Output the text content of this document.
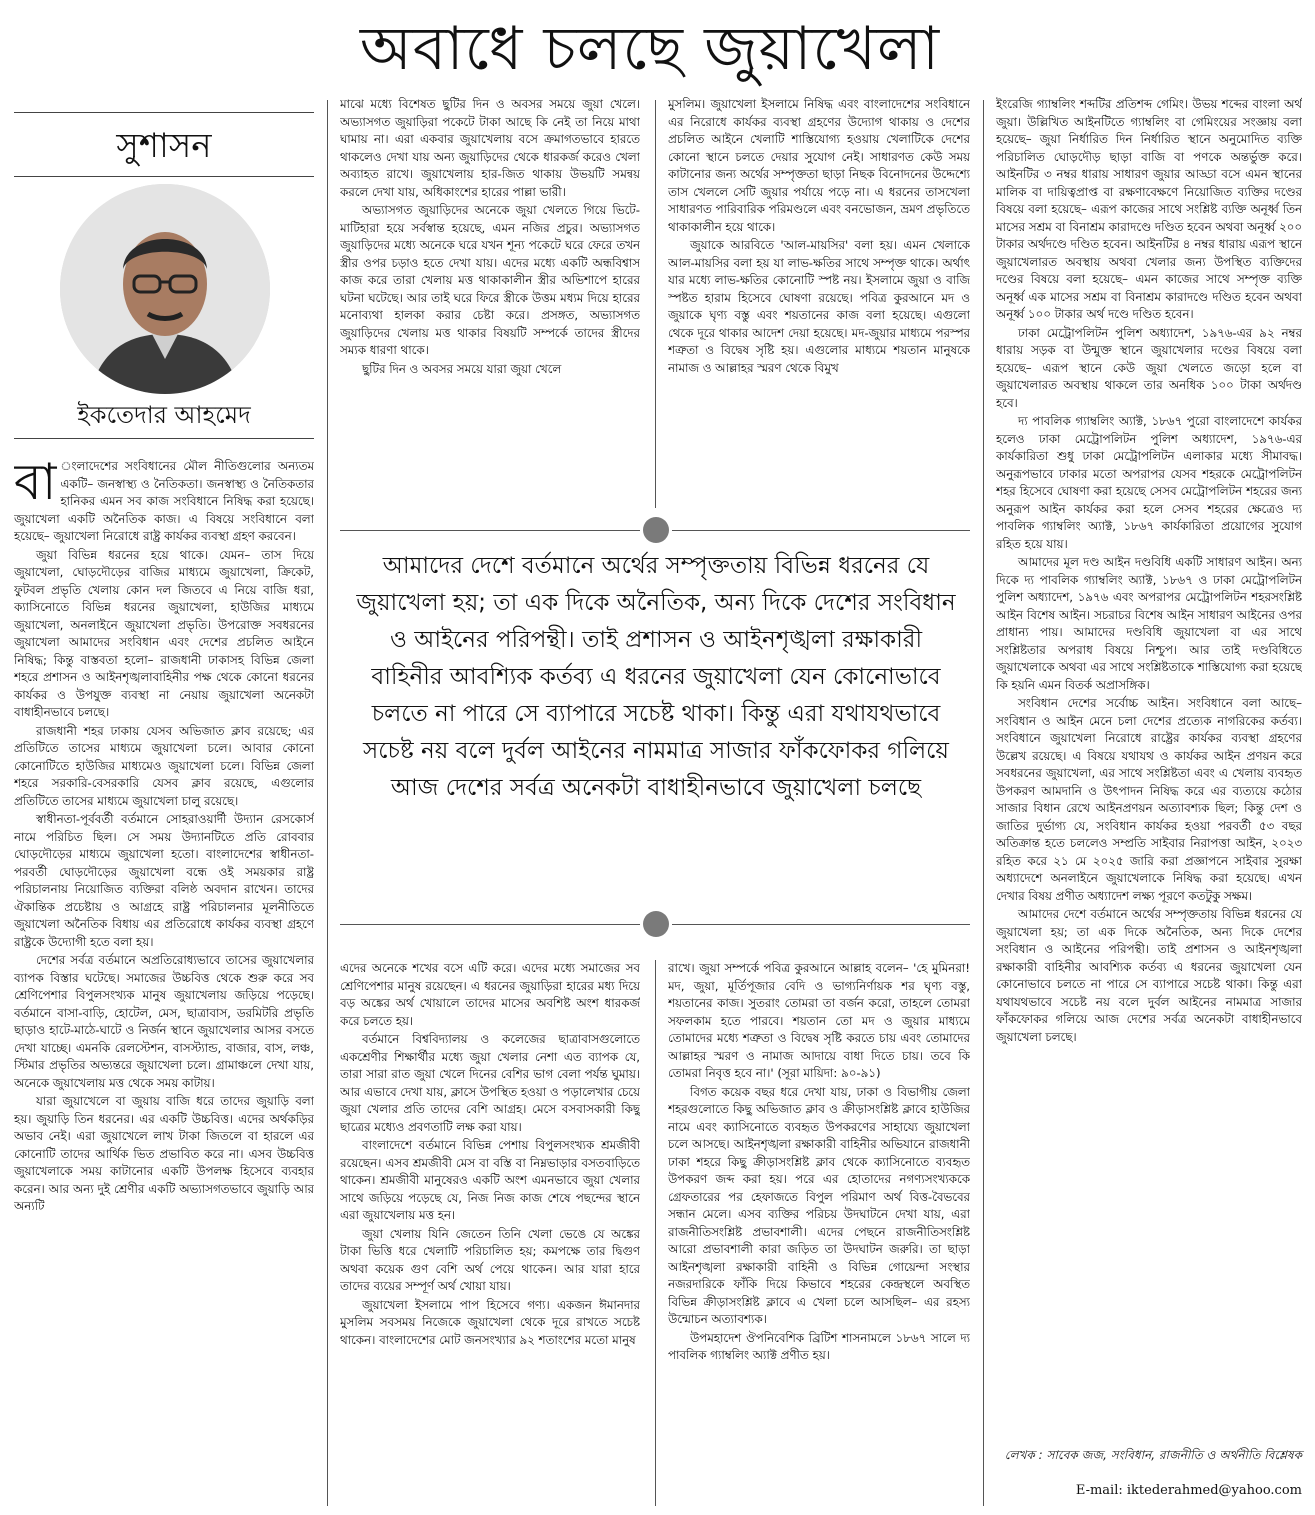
অবাধে চলছে জুয়াখেলা
সুশাসন
ইকতেদার আহমেদ

বা ংলাদেশের সংবিধানের মৌল নীতিগুলোর অন্যতম একটি– জনস্বাস্থ্য ও নৈতিকতা। জনস্বাস্থ্য ও নৈতিকতার হানিকর এমন সব কাজ সংবিধানে নিষিদ্ধ করা হয়েছে। জুয়াখেলা একটি অনৈতিক কাজ। এ বিষয়ে সংবিধানে বলা হয়েছে– জুয়াখেলা নিরোধে রাষ্ট্র কার্যকর ব্যবস্থা গ্রহণ করবেন।

জুয়া বিভিন্ন ধরনের হয়ে থাকে। যেমন– তাস দিয়ে জুয়াখেলা, ঘোড়দৌড়ের বাজির মাধ্যমে জুয়াখেলা, ক্রিকেট, ফুটবল প্রভৃতি খেলায় কোন দল জিতবে এ নিয়ে বাজি ধরা, ক্যাসিনোতে বিভিন্ন ধরনের জুয়াখেলা, হাউজির মাধ্যমে জুয়াখেলা, অনলাইনে জুয়াখেলা প্রভৃতি। উপরোক্ত সবধরনের জুয়াখেলা আমাদের সংবিধান এবং দেশের প্রচলিত আইনে নিষিদ্ধ; কিন্তু বাস্তবতা হলো– রাজধানী ঢাকাসহ বিভিন্ন জেলা শহরে প্রশাসন ও আইনশৃঙ্খলাবাহিনীর পক্ষ থেকে কোনো ধরনের কার্যকর ও উপযুক্ত ব্যবস্থা না নেয়ায় জুয়াখেলা অনেকটা বাধাহীনভাবে চলছে।

রাজধানী শহর ঢাকায় যেসব অভিজাত ক্লাব রয়েছে; এর প্রতিটিতে তাসের মাধ্যমে জুয়াখেলা চলে। আবার কোনো কোনোটিতে হাউজির মাধ্যমেও জুয়াখেলা চলে। বিভিন্ন জেলা শহরে সরকারি-বেসরকারি যেসব ক্লাব রয়েছে, এগুলোর প্রতিটিতে তাসের মাধ্যমে জুয়াখেলা চালু রয়েছে।

স্বাধীনতা-পূর্ববর্তী বর্তমানে সোহরাওয়ার্দী উদ্যান রেসকোর্স নামে পরিচিত ছিল। সে সময় উদ্যানটিতে প্রতি রোববার ঘোড়দৌড়ের মাধ্যমে জুয়াখেলা হতো। বাংলাদেশের স্বাধীনতা-পরবর্তী ঘোড়দৌড়ের জুয়াখেলা বন্ধে ওই সময়কার রাষ্ট্র পরিচালনায় নিয়োজিত ব্যক্তিরা বলিষ্ঠ অবদান রাখেন। তাদের ঐকান্তিক প্রচেষ্টায় ও আগ্রহে রাষ্ট্র পরিচালনার মূলনীতিতে জুয়াখেলা অনৈতিক বিধায় এর প্রতিরোধে কার্যকর ব্যবস্থা গ্রহণে রাষ্ট্রকে উদ্যোগী হতে বলা হয়।

দেশের সর্বত্র বর্তমানে অপ্রতিরোধ্যভাবে তাসের জুয়াখেলার ব্যাপক বিস্তার ঘটেছে। সমাজের উচ্চবিত্ত থেকে শুরু করে সব শ্রেণিপেশার বিপুলসংখ্যক মানুষ জুয়াখেলায় জড়িয়ে পড়েছে। বর্তমানে বাসা-বাড়ি, হোটেল, মেস, ছাত্রাবাস, ডরমিটরি প্রভৃতি ছাড়াও হাটে-মাঠে-ঘাটে ও নির্জন স্থানে জুয়াখেলার আসর বসতে দেখা যাচ্ছে। এমনকি রেলস্টেশন, বাসস্ট্যান্ড, বাজার, বাস, লঞ্চ, স্টিমার প্রভৃতির অভ্যন্তরে জুয়াখেলা চলে। গ্রামাঞ্চলে দেখা যায়, অনেকে জুয়াখেলায় মত্ত থেকে সময় কাটায়।

যারা জুয়াখেলে বা জুয়ায় বাজি ধরে তাদের জুয়াড়ি বলা হয়। জুয়াড়ি তিন ধরনের। এর একটি উচ্চবিত্ত। এদের অর্থকড়ির অভাব নেই। এরা জুয়াখেলে লাখ টাকা জিতলে বা হারলে এর কোনোটি তাদের আর্থিক ভিত প্রভাবিত করে না। এসব উচ্চবিত্ত জুয়াখেলাকে সময় কাটানোর একটি উপলক্ষ হিসেবে ব্যবহার করেন। আর অন্য দুই শ্রেণীর একটি অভ্যাসগতভাবে জুয়াড়ি আর অন্যটি

মাঝে মধ্যে বিশেষত ছুটির দিন ও অবসর সময়ে জুয়া খেলে। অভ্যাসগত জুয়াড়িরা পকেটে টাকা আছে কি নেই তা নিয়ে মাথা ঘামায় না। এরা একবার জুয়াখেলায় বসে ক্রমাগতভাবে হারতে থাকলেও দেখা যায় অন্য জুয়াড়িদের থেকে ধারকর্জ করেও খেলা অব্যাহত রাখে। জুয়াখেলায় হার-জিত থাকায় উভয়টি সমন্বয় করলে দেখা যায়, অধিকাংশের হারের পাল্লা ভারী।

অভ্যাসগত জুয়াড়িদের অনেকে জুয়া খেলতে গিয়ে ভিটে-মাটিহারা হয়ে সর্বস্বান্ত হয়েছে, এমন নজির প্রচুর। অভ্যাসগত জুয়াড়িদের মধ্যে অনেকে ঘরে যখন শূন্য পকেটে ঘরে ফেরে তখন স্ত্রীর ওপর চড়াও হতে দেখা যায়। এদের মধ্যে একটি অন্ধবিশ্বাস কাজ করে তারা খেলায় মত্ত থাকাকালীন স্ত্রীর অভিশাপে হারের ঘটনা ঘটেছে। আর তাই ঘরে ফিরে স্ত্রীকে উত্তম মধ্যম দিয়ে হারের মনোব্যথা হালকা করার চেষ্টা করে। প্রসঙ্গত, অভ্যাসগত জুয়াড়িদের খেলায় মত্ত থাকার বিষয়টি সম্পর্কে তাদের স্ত্রীদের সম্যক ধারণা থাকে।

ছুটির দিন ও অবসর সময়ে যারা জুয়া খেলে

মুসলিম। জুয়াখেলা ইসলামে নিষিদ্ধ এবং বাংলাদেশের সংবিধানে এর নিরোধে কার্যকর ব্যবস্থা গ্রহণের উদ্যোগ থাকায় ও দেশের প্রচলিত আইনে খেলাটি শাস্তিযোগ্য হওয়ায় খেলাটিকে দেশের কোনো স্থানে চলতে দেয়ার সুযোগ নেই। সাধারণত কেউ সময় কাটানোর জন্য অর্থের সম্পৃক্ততা ছাড়া নিছক বিনোদনের উদ্দেশ্যে তাস খেললে সেটি জুয়ার পর্যায়ে পড়ে না। এ ধরনের তাসখেলা সাধারণত পারিবারিক পরিমণ্ডলে এবং বনভোজন, ভ্রমণ প্রভৃতিতে থাকাকালীন হয়ে থাকে।

জুয়াকে আরবিতে 'আল-মায়সির' বলা হয়। এমন খেলাকে আল-মায়সির বলা হয় যা লাভ-ক্ষতির সাথে সম্পৃক্ত থাকে। অর্থাৎ যার মধ্যে লাভ-ক্ষতির কোনোটি স্পষ্ট নয়। ইসলামে জুয়া ও বাজি স্পষ্টত হারাম হিসেবে ঘোষণা রয়েছে। পবিত্র কুরআনে মদ ও জুয়াকে ঘৃণ্য বস্তু এবং শয়তানের কাজ বলা হয়েছে। এগুলো থেকে দূরে থাকার আদেশ দেয়া হয়েছে। মদ-জুয়ার মাধ্যমে পরস্পর শত্রুতা ও বিদ্বেষ সৃষ্টি হয়। এগুলোর মাধ্যমে শয়তান মানুষকে নামাজ ও আল্লাহর স্মরণ থেকে বিমুখ

ইংরেজি গ্যাম্বলিং শব্দটির প্রতিশব্দ গেমিং। উভয় শব্দের বাংলা অর্থ জুয়া। উল্লিখিত আইনটিতে গ্যাম্বলিং বা গেমিংয়ের সংজ্ঞায় বলা হয়েছে– জুয়া নির্ধারিত দিন নির্ধারিত স্থানে অনুমোদিত ব্যক্তি পরিচালিত ঘোড়দৌড় ছাড়া বাজি বা পণকে অন্তর্ভুক্ত করে। আইনটির ৩ নম্বর ধারায় সাধারণ জুয়ার আড্ডা বসে এমন স্থানের মালিক বা দায়িত্বপ্রাপ্ত বা রক্ষণাবেক্ষণে নিয়োজিত ব্যক্তির দণ্ডের বিষয়ে বলা হয়েছে– এরূপ কাজের সাথে সংশ্লিষ্ট ব্যক্তি অনূর্ধ্ব তিন মাসের সশ্রম বা বিনাশ্রম কারাদণ্ডে দণ্ডিত হবেন অথবা অনূর্ধ্ব ২০০ টাকার অর্থদণ্ডে দণ্ডিত হবেন। আইনটির ৪ নম্বর ধারায় এরূপ স্থানে জুয়াখেলারত অবস্থায় অথবা খেলার জন্য উপস্থিত ব্যক্তিদের দণ্ডের বিষয়ে বলা হয়েছে– এমন কাজের সাথে সম্পৃক্ত ব্যক্তি অনূর্ধ্ব এক মাসের সশ্রম বা বিনাশ্রম কারাদণ্ডে দণ্ডিত হবেন অথবা অনূর্ধ্ব ১০০ টাকার অর্থ দণ্ডে দণ্ডিত হবেন।

ঢাকা মেট্রোপলিটন পুলিশ অধ্যাদেশ, ১৯৭৬-এর ৯২ নম্বর ধারায় সড়ক বা উন্মুক্ত স্থানে জুয়াখেলার দণ্ডের বিষয়ে বলা হয়েছে– এরূপ স্থানে কেউ জুয়া খেলতে জড়ো হলে বা জুয়াখেলারত অবস্থায় থাকলে তার অনধিক ১০০ টাকা অর্থদণ্ড হবে।

দ্য পাবলিক গ্যাম্বলিং অ্যাক্ট, ১৮৬৭ পুরো বাংলাদেশে কার্যকর হলেও ঢাকা মেট্রোপলিটন পুলিশ অধ্যাদেশ, ১৯৭৬-এর কার্যকারিতা শুধু ঢাকা মেট্রোপলিটন এলাকার মধ্যে সীমাবদ্ধ। অনুরূপভাবে ঢাকার মতো অপরাপর যেসব শহরকে মেট্রোপলিটন শহর হিসেবে ঘোষণা করা হয়েছে সেসব মেট্রোপলিটন শহরের জন্য অনুরূপ আইন কার্যকর করা হলে সেসব শহরের ক্ষেত্রেও দ্য পাবলিক গ্যাম্বলিং অ্যাক্ট, ১৮৬৭ কার্যকারিতা প্রয়োগের সুযোগ রহিত হয়ে যায়।

আমাদের মূল দণ্ড আইন দণ্ডবিধি একটি সাধারণ আইন। অন্য দিকে দ্য পাবলিক গ্যাম্বলিং অ্যাক্ট, ১৮৬৭ ও ঢাকা মেট্রোপলিটন পুলিশ অধ্যাদেশ, ১৯৭৬ এবং অপরাপর মেট্রোপলিটন শহরসংশ্লিষ্ট আইন বিশেষ আইন। সচরাচর বিশেষ আইন সাধারণ আইনের ওপর প্রাধান্য পায়। আমাদের দণ্ডবিধি জুয়াখেলা বা এর সাথে সংশ্লিষ্টতার অপরাধ বিষয়ে নিশ্চুপ। আর তাই দণ্ডবিধিতে জুয়াখেলাকে অথবা এর সাথে সংশ্লিষ্টতাকে শাস্তিযোগ্য করা হয়েছে কি হয়নি এমন বিতর্ক অপ্রাসঙ্গিক।

সংবিধান দেশের সর্বোচ্চ আইন। সংবিধানে বলা আছে– সংবিধান ও আইন মেনে চলা দেশের প্রত্যেক নাগরিকের কর্তব্য। সংবিধানে জুয়াখেলা নিরোধে রাষ্ট্রের কার্যকর ব্যবস্থা গ্রহণের উল্লেখ রয়েছে। এ বিষয়ে যথাযথ ও কার্যকর আইন প্রণয়ন করে সবধরনের জুয়াখেলা, এর সাথে সংশ্লিষ্টতা এবং এ খেলায় ব্যবহৃত উপকরণ আমদানি ও উৎপাদন নিষিদ্ধ করে এর ব্যত্যয়ে কঠোর সাজার বিধান রেখে আইনপ্রণয়ন অত্যাবশ্যক ছিল; কিন্তু দেশ ও জাতির দুর্ভাগ্য যে, সংবিধান কার্যকর হওয়া পরবর্তী ৫৩ বছর অতিক্রান্ত হতে চললেও সম্প্রতি সাইবার নিরাপত্তা আইন, ২০২৩ রহিত করে ২১ মে ২০২৫ জারি করা প্রজ্ঞাপনে সাইবার সুরক্ষা অধ্যাদেশে অনলাইনে জুয়াখেলাকে নিষিদ্ধ করা হয়েছে। এখন দেখার বিষয় প্রণীত অধ্যাদেশ লক্ষ্য পূরণে কতটুকু সক্ষম।

আমাদের দেশে বর্তমানে অর্থের সম্পৃক্ততায় বিভিন্ন ধরনের যে জুয়াখেলা হয়; তা এক দিকে অনৈতিক, অন্য দিকে দেশের সংবিধান ও আইনের পরিপন্থী। তাই প্রশাসন ও আইনশৃঙ্খলা রক্ষাকারী বাহিনীর আবশ্যিক কর্তব্য এ ধরনের জুয়াখেলা যেন কোনোভাবে চলতে না পারে সে ব্যাপারে সচেষ্ট থাকা। কিন্তু এরা যথাযথভাবে সচেষ্ট নয় বলে দুর্বল আইনের নামমাত্র সাজার ফাঁকফোকর গলিয়ে আজ দেশের সর্বত্র অনেকটা বাধাহীনভাবে জুয়াখেলা চলছে।

আমাদের দেশে বর্তমানে অর্থের সম্পৃক্ততায় বিভিন্ন ধরনের যে জুয়াখেলা হয়; তা এক দিকে অনৈতিক, অন্য দিকে দেশের সংবিধান ও আইনের পরিপন্থী। তাই প্রশাসন ও আইনশৃঙ্খলা রক্ষাকারী বাহিনীর আবশ্যিক কর্তব্য এ ধরনের জুয়াখেলা যেন কোনোভাবে চলতে না পারে সে ব্যাপারে সচেষ্ট থাকা। কিন্তু এরা যথাযথভাবে সচেষ্ট নয় বলে দুর্বল আইনের নামমাত্র সাজার ফাঁকফোকর গলিয়ে আজ দেশের সর্বত্র অনেকটা বাধাহীনভাবে জুয়াখেলা চলছে

এদের অনেকে শখের বসে এটি করে। এদের মধ্যে সমাজের সব শ্রেণিপেশার মানুষ রয়েছেন। এ ধরনের জুয়াড়িরা হারের মধ্য দিয়ে বড় অঙ্কের অর্থ খোয়ালে তাদের মাসের অবশিষ্ট অংশ ধারকর্জ করে চলতে হয়।

বর্তমানে বিশ্ববিদ্যালয় ও কলেজের ছাত্রাবাসগুলোতে একশ্রেণীর শিক্ষার্থীর মধ্যে জুয়া খেলার নেশা এত ব্যাপক যে, তারা সারা রাত জুয়া খেলে দিনের বেশির ভাগ বেলা পর্যন্ত ঘুমায়। আর এভাবে দেখা যায়, ক্লাসে উপস্থিত হওয়া ও পড়ালেখার চেয়ে জুয়া খেলার প্রতি তাদের বেশি আগ্রহ। মেসে বসবাসকারী কিছু ছাত্রের মধ্যেও প্রবণতাটি লক্ষ করা যায়।

বাংলাদেশে বর্তমানে বিভিন্ন পেশায় বিপুলসংখ্যক শ্রমজীবী রয়েছেন। এসব শ্রমজীবী মেস বা বস্তি বা নিম্নভাড়ার বসতবাড়িতে থাকেন। শ্রমজীবী মানুষেরও একটি অংশ এমনভাবে জুয়া খেলার সাথে জড়িয়ে পড়েছে যে, নিজ নিজ কাজ শেষে পছন্দের স্থানে এরা জুয়াখেলায় মত্ত হন।

জুয়া খেলায় যিনি জেতেন তিনি খেলা ভেঙে যে অঙ্কের টাকা ভিত্তি ধরে খেলাটি পরিচালিত হয়; কমপক্ষে তার দ্বিগুণ অথবা কয়েক গুণ বেশি অর্থ পেয়ে থাকেন। আর যারা হারে তাদের ব্যয়ের সম্পূর্ণ অর্থ খোয়া যায়।

জুয়াখেলা ইসলামে পাপ হিসেবে গণ্য। একজন ঈমানদার মুসলিম সবসময় নিজেকে জুয়াখেলা থেকে দূরে রাখতে সচেষ্ট থাকেন। বাংলাদেশের মোট জনসংখ্যার ৯২ শতাংশের মতো মানুষ

রাখে। জুয়া সম্পর্কে পবিত্র কুরআনে আল্লাহ বলেন– 'হে মুমিনরা! মদ, জুয়া, মূর্তিপূজার বেদি ও ভাগ্যনির্ণায়ক শর ঘৃণ্য বস্তু, শয়তানের কাজ। সুতরাং তোমরা তা বর্জন করো, তাহলে তোমরা সফলকাম হতে পারবে। শয়তান তো মদ ও জুয়ার মাধ্যমে তোমাদের মধ্যে শত্রুতা ও বিদ্বেষ সৃষ্টি করতে চায় এবং তোমাদের আল্লাহর স্মরণ ও নামাজ আদায়ে বাধা দিতে চায়। তবে কি তোমরা নিবৃত্ত হবে না।' (সূরা মায়িদা: ৯০-৯১)

বিগত কয়েক বছর ধরে দেখা যায়, ঢাকা ও বিভাগীয় জেলা শহরগুলোতে কিছু অভিজাত ক্লাব ও ক্রীড়াসংশ্লিষ্ট ক্লাবে হাউজির নামে এবং ক্যাসিনোতে ব্যবহৃত উপকরণের সাহায্যে জুয়াখেলা চলে আসছে। আইনশৃঙ্খলা রক্ষাকারী বাহিনীর অভিযানে রাজধানী ঢাকা শহরে কিছু ক্রীড়াসংশ্লিষ্ট ক্লাব থেকে ক্যাসিনোতে ব্যবহৃত উপকরণ জব্দ করা হয়। পরে এর হোতাদের নগণ্যসংখ্যককে গ্রেফতারের পর হেফাজতে বিপুল পরিমাণ অর্থ বিত্ত-বৈভবের সন্ধান মেলে। এসব ব্যক্তির পরিচয় উদঘাটনে দেখা যায়, এরা রাজনীতিসংশ্লিষ্ট প্রভাবশালী। এদের পেছনে রাজনীতিসংশ্লিষ্ট আরো প্রভাবশালী কারা জড়িত তা উদঘাটন জরুরি। তা ছাড়া আইনশৃঙ্খলা রক্ষাকারী বাহিনী ও বিভিন্ন গোয়েন্দা সংস্থার নজরদারিকে ফাঁকি দিয়ে কিভাবে শহরের কেন্দ্রস্থলে অবস্থিত বিভিন্ন ক্রীড়াসংশ্লিষ্ট ক্লাবে এ খেলা চলে আসছিল– এর রহস্য উন্মোচন অত্যাবশ্যক।

উপমহাদেশ ঔপনিবেশিক ব্রিটিশ শাসনামলে ১৮৬৭ সালে দ্য পাবলিক গ্যাম্বলিং অ্যাক্ট প্রণীত হয়।

লেখক : সাবেক জজ, সংবিধান, রাজনীতি ও অর্থনীতি বিশ্লেষক
E-mail: iktederahmed@yahoo.com
